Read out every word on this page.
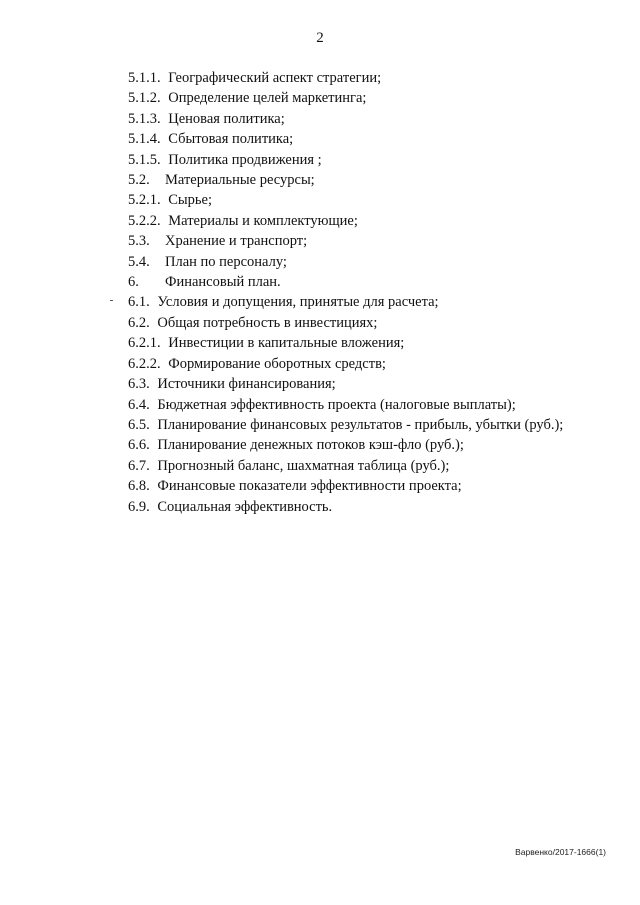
2
5.1.1. Географический аспект стратегии;
5.1.2. Определение целей маркетинга;
5.1.3. Ценовая политика;
5.1.4. Сбытовая политика;
5.1.5. Политика продвижения ;
5.2. Материальные ресурсы;
5.2.1. Сырье;
5.2.2. Материалы и комплектующие;
5.3. Хранение и транспорт;
5.4. План по персоналу;
6. Финансовый план.
6.1. Условия и допущения, принятые для расчета;
6.2. Общая потребность в инвестициях;
6.2.1. Инвестиции в капитальные вложения;
6.2.2. Формирование оборотных средств;
6.3. Источники финансирования;
6.4. Бюджетная эффективность проекта (налоговые выплаты);
6.5. Планирование финансовых результатов - прибыль, убытки (руб.);
6.6. Планирование денежных потоков кэш-фло (руб.);
6.7. Прогнозный баланс, шахматная таблица (руб.);
6.8. Финансовые показатели эффективности проекта;
6.9. Социальная эффективность.
Варвенко/2017-1666(1)
